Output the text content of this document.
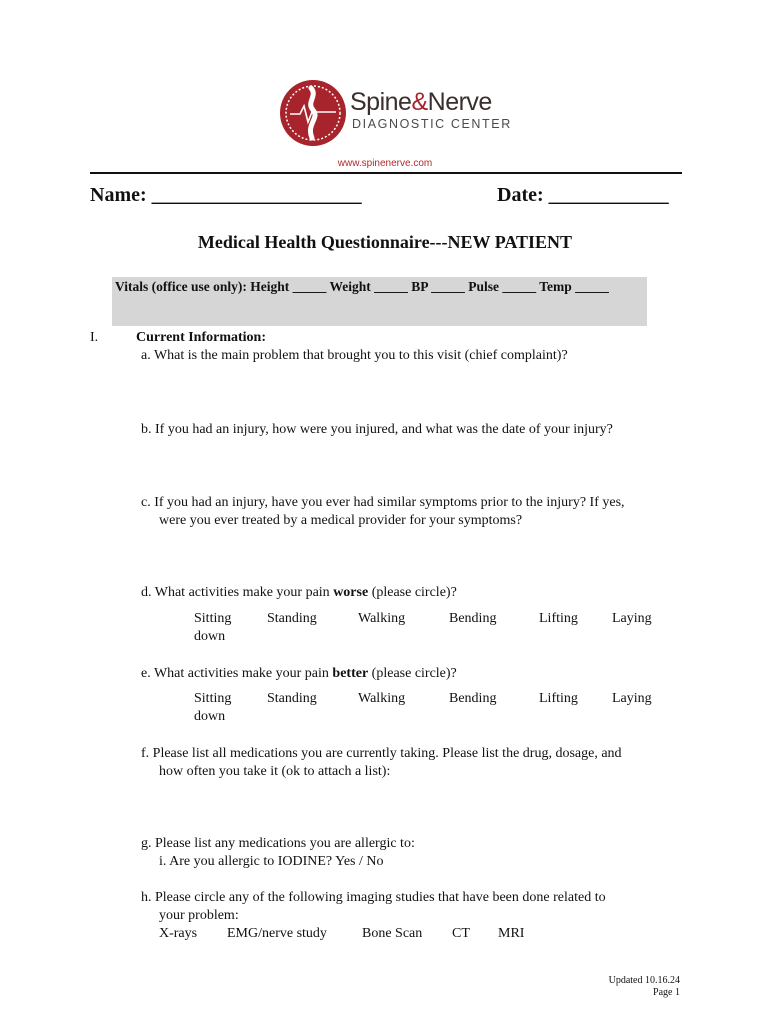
Spine&Nerve
DIAGNOSTIC CENTER
www.spinenerve.com
Name: _____________________	Date: ____________
Medical Health Questionnaire---NEW PATIENT
Vitals (office use only): Height _____ Weight _____ BP _____ Pulse _____ Temp _____
I.	Current Information:
a. What is the main problem that brought you to this visit (chief complaint)?
b. If you had an injury, how were you injured, and what was the date of your injury?
c. If you had an injury, have you ever had similar symptoms prior to the injury? If yes,
were you ever treated by a medical provider for your symptoms?
d. What activities make your pain worse (please circle)?
Sitting
down
Standing	Walking	Bending	Lifting Laying
e. What activities make your pain better (please circle)?
Sitting
down
Standing	Walking	Bending	Lifting Laying
f. Please list all medications you are currently taking. Please list the drug, dosage, and
how often you take it (ok to attach a list):
g. Please list any medications you are allergic to:
i. Are you allergic to IODINE? Yes / No
h. Please circle any of the following imaging studies that have been done related to
your problem:
X-rays EMG/nerve study	Bone Scan CT MRI
Updated 10.16.24
Page 1
